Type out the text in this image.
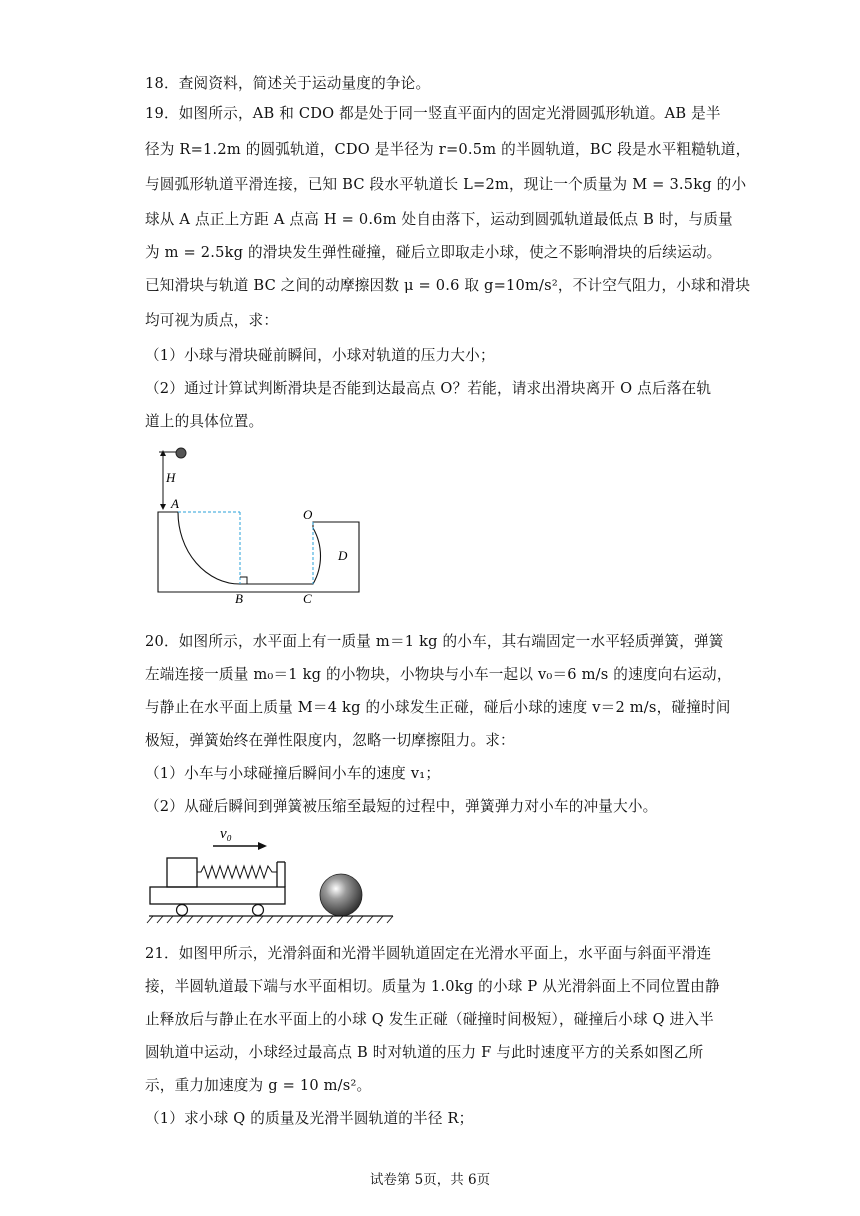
18．查阅资料，简述关于运动量度的争论。
19．如图所示，AB 和 CDO 都是处于同一竖直平面内的固定光滑圆弧形轨道。AB 是半
径为 R=1.2m 的圆弧轨道，CDO 是半径为 r=0.5m 的半圆轨道，BC 段是水平粗糙轨道，
与圆弧形轨道平滑连接，已知 BC 段水平轨道长 L=2m，现让一个质量为 M = 3.5kg 的小
球从 A 点正上方距 A 点高 H = 0.6m 处自由落下，运动到圆弧轨道最低点 B 时，与质量
为 m = 2.5kg 的滑块发生弹性碰撞，碰后立即取走小球，使之不影响滑块的后续运动。
已知滑块与轨道 BC 之间的动摩擦因数 μ = 0.6 取 g=10m/s²，不计空气阻力，小球和滑块
均可视为质点，求：
（1）小球与滑块碰前瞬间，小球对轨道的压力大小；
（2）通过计算试判断滑块是否能到达最高点 O？若能，请求出滑块离开 O 点后落在轨
道上的具体位置。
H
A
B	C
O
D
20．如图所示，水平面上有一质量 m＝1 kg 的小车，其右端固定一水平轻质弹簧，弹簧
左端连接一质量 m₀＝1 kg 的小物块，小物块与小车一起以 v₀＝6 m/s 的速度向右运动，
与静止在水平面上质量 M＝4 kg 的小球发生正碰，碰后小球的速度 v＝2 m/s，碰撞时间
极短，弹簧始终在弹性限度内，忽略一切摩擦阻力。求：
（1）小车与小球碰撞后瞬间小车的速度 v₁；
（2）从碰后瞬间到弹簧被压缩至最短的过程中，弹簧弹力对小车的冲量大小。
v₀
21．如图甲所示，光滑斜面和光滑半圆轨道固定在光滑水平面上，水平面与斜面平滑连
接，半圆轨道最下端与水平面相切。质量为 1.0kg 的小球 P 从光滑斜面上不同位置由静
止释放后与静止在水平面上的小球 Q 发生正碰（碰撞时间极短），碰撞后小球 Q 进入半
圆轨道中运动，小球经过最高点 B 时对轨道的压力 F 与此时速度平方的关系如图乙所
示，重力加速度为 g = 10 m/s²。
（1）求小球 Q 的质量及光滑半圆轨道的半径 R；
试卷第 5页，共 6页
